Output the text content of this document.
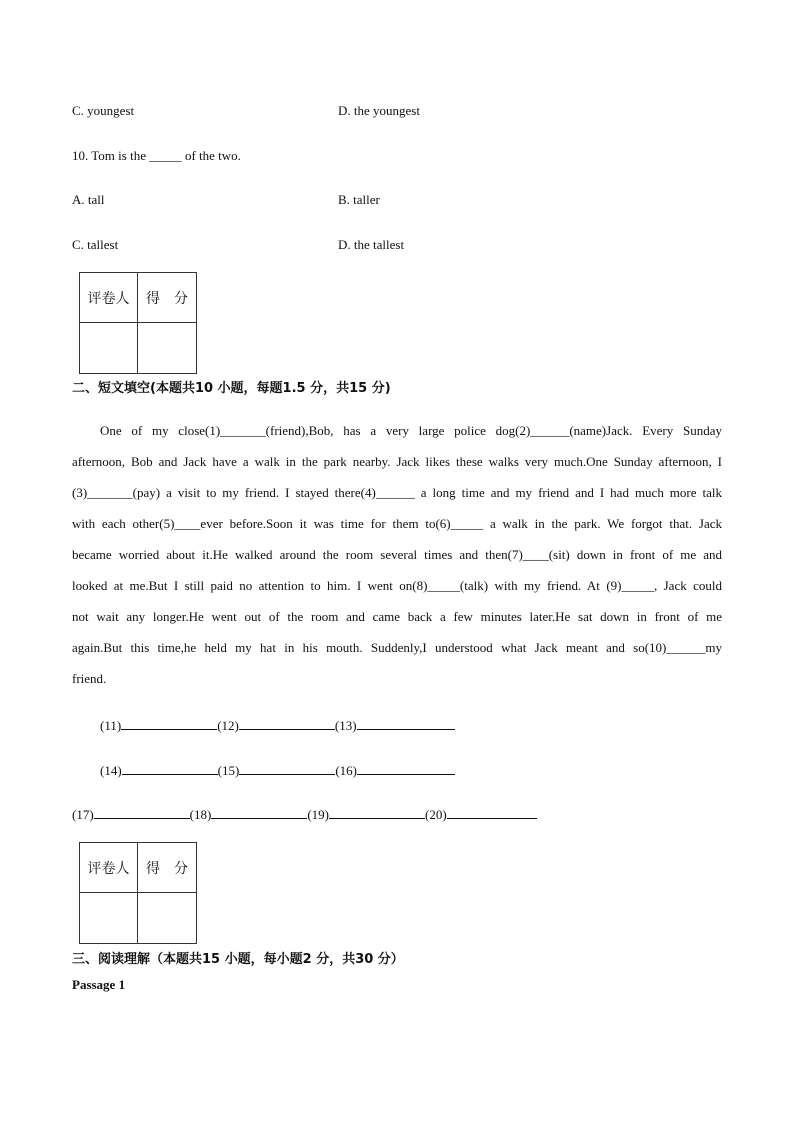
C. youngest	D. the youngest
10. Tom is the _____ of the two.
A. tall	B. taller
C. tallest	D. the tallest
评卷人	得　分

二、短文填空(本题共10 小题，每题1.5 分，共15 分)
One of my close(1)_______(friend),Bob, has a very large police dog(2)______(name)Jack. Every Sunday
afternoon, Bob and Jack have a walk in the park nearby. Jack likes these walks very much.One Sunday afternoon, I
(3)_______(pay) a visit to my friend. I stayed there(4)______ a long time and my friend and I had much more talk
with each other(5)____ever before.Soon it was time for them to(6)_____ a walk in the park. We forgot that. Jack
became worried about it.He walked around the room several times and then(7)____(sit) down in front of me and
looked at me.But I still paid no attention to him. I went on(8)_____(talk) with my friend. At (9)_____, Jack could
not wait any longer.He went out of the room and came back a few minutes later.He sat down in front of me
again.But this time,he held my hat in his mouth. Suddenly,I understood what Jack meant and so(10)______my
friend.
(11)	(12)	(13)
(14)	(15)	(16)
(17)	(18)	(19)	(20)
评卷人	得　分

三、阅读理解（本题共15 小题，每小题2 分，共30 分）
Passage 1
